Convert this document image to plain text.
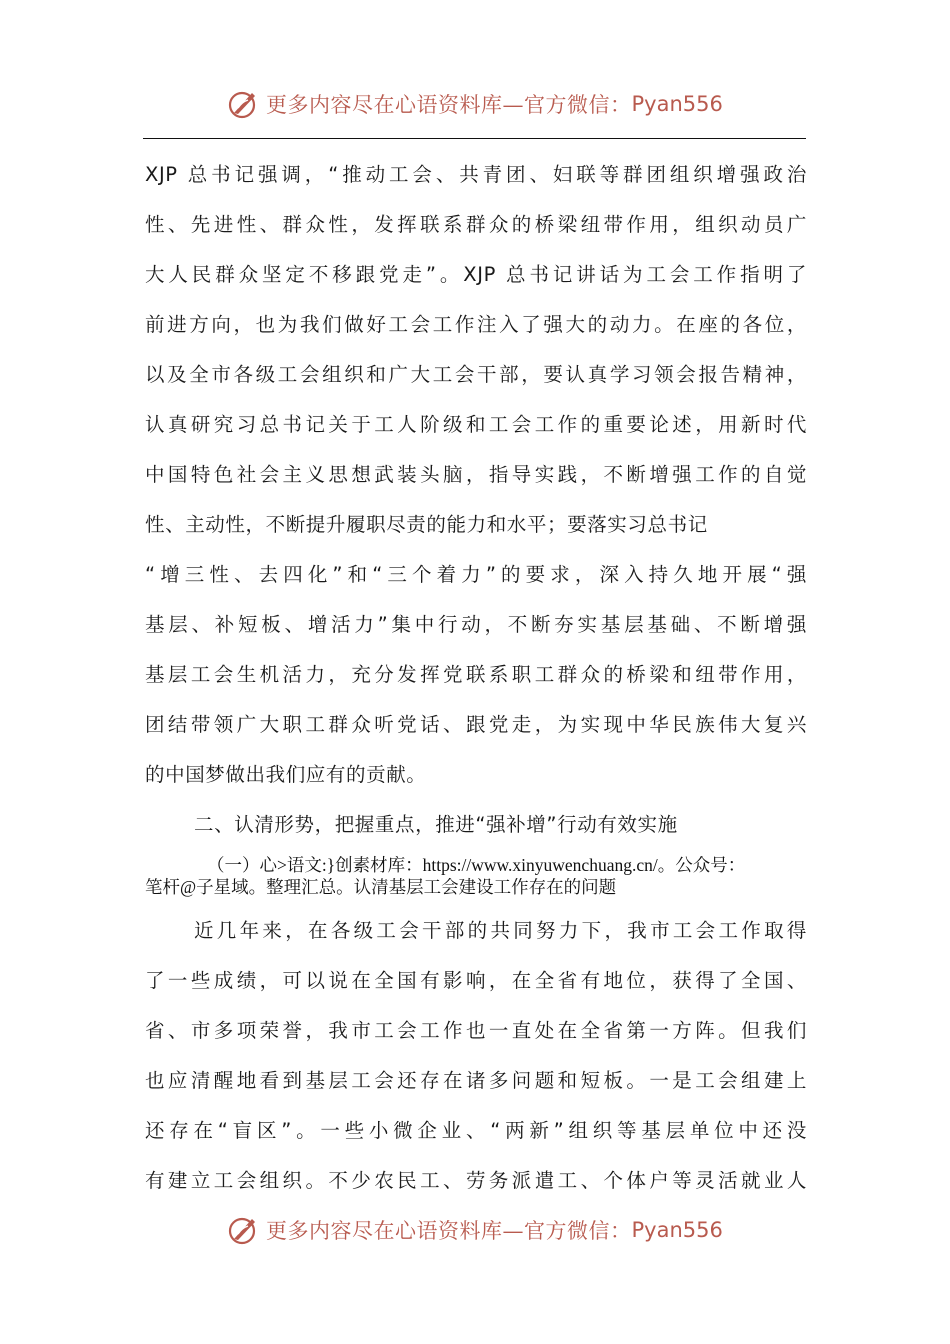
更多内容尽在心语资料库—官方微信： Pyan556
XJP 总书记强调，“推动工会、共青团、妇联等群团组织增强政治
性、先进性、群众性，发挥联系群众的桥梁纽带作用，组织动员广
大人民群众坚定不移跟党走”。XJP 总书记讲话为工会工作指明了
前进方向，也为我们做好工会工作注入了强大的动力。在座的各位，
以及全市各级工会组织和广大工会干部，要认真学习领会报告精神，
认真研究习总书记关于工人阶级和工会工作的重要论述，用新时代
中国特色社会主义思想武装头脑，指导实践，不断增强工作的自觉
性、主动性，不断提升履职尽责的能力和水平；要落实习总书记
“增三性、去四化”和“三个着力”的要求，深入持久地开展“强
基层、补短板、增活力”集中行动，不断夯实基层基础、不断增强
基层工会生机活力，充分发挥党联系职工群众的桥梁和纽带作用，
团结带领广大职工群众听党话、跟党走，为实现中华民族伟大复兴
的中国梦做出我们应有的贡献。
二、认清形势，把握重点，推进“强补增”行动有效实施
（一）心>语文:}创素材库：https://www.xinyuwenchuang.cn/。公众号：
笔杆@子星域。整理汇总。认清基层工会建设工作存在的问题
近几年来，在各级工会干部的共同努力下，我市工会工作取得
了一些成绩，可以说在全国有影响，在全省有地位，获得了全国、
省、市多项荣誉，我市工会工作也一直处在全省第一方阵。但我们
也应清醒地看到基层工会还存在诸多问题和短板。一是工会组建上
还存在“盲区”。一些小微企业、“两新”组织等基层单位中还没
有建立工会组织。不少农民工、劳务派遣工、个体户等灵活就业人
更多内容尽在心语资料库—官方微信： Pyan556
